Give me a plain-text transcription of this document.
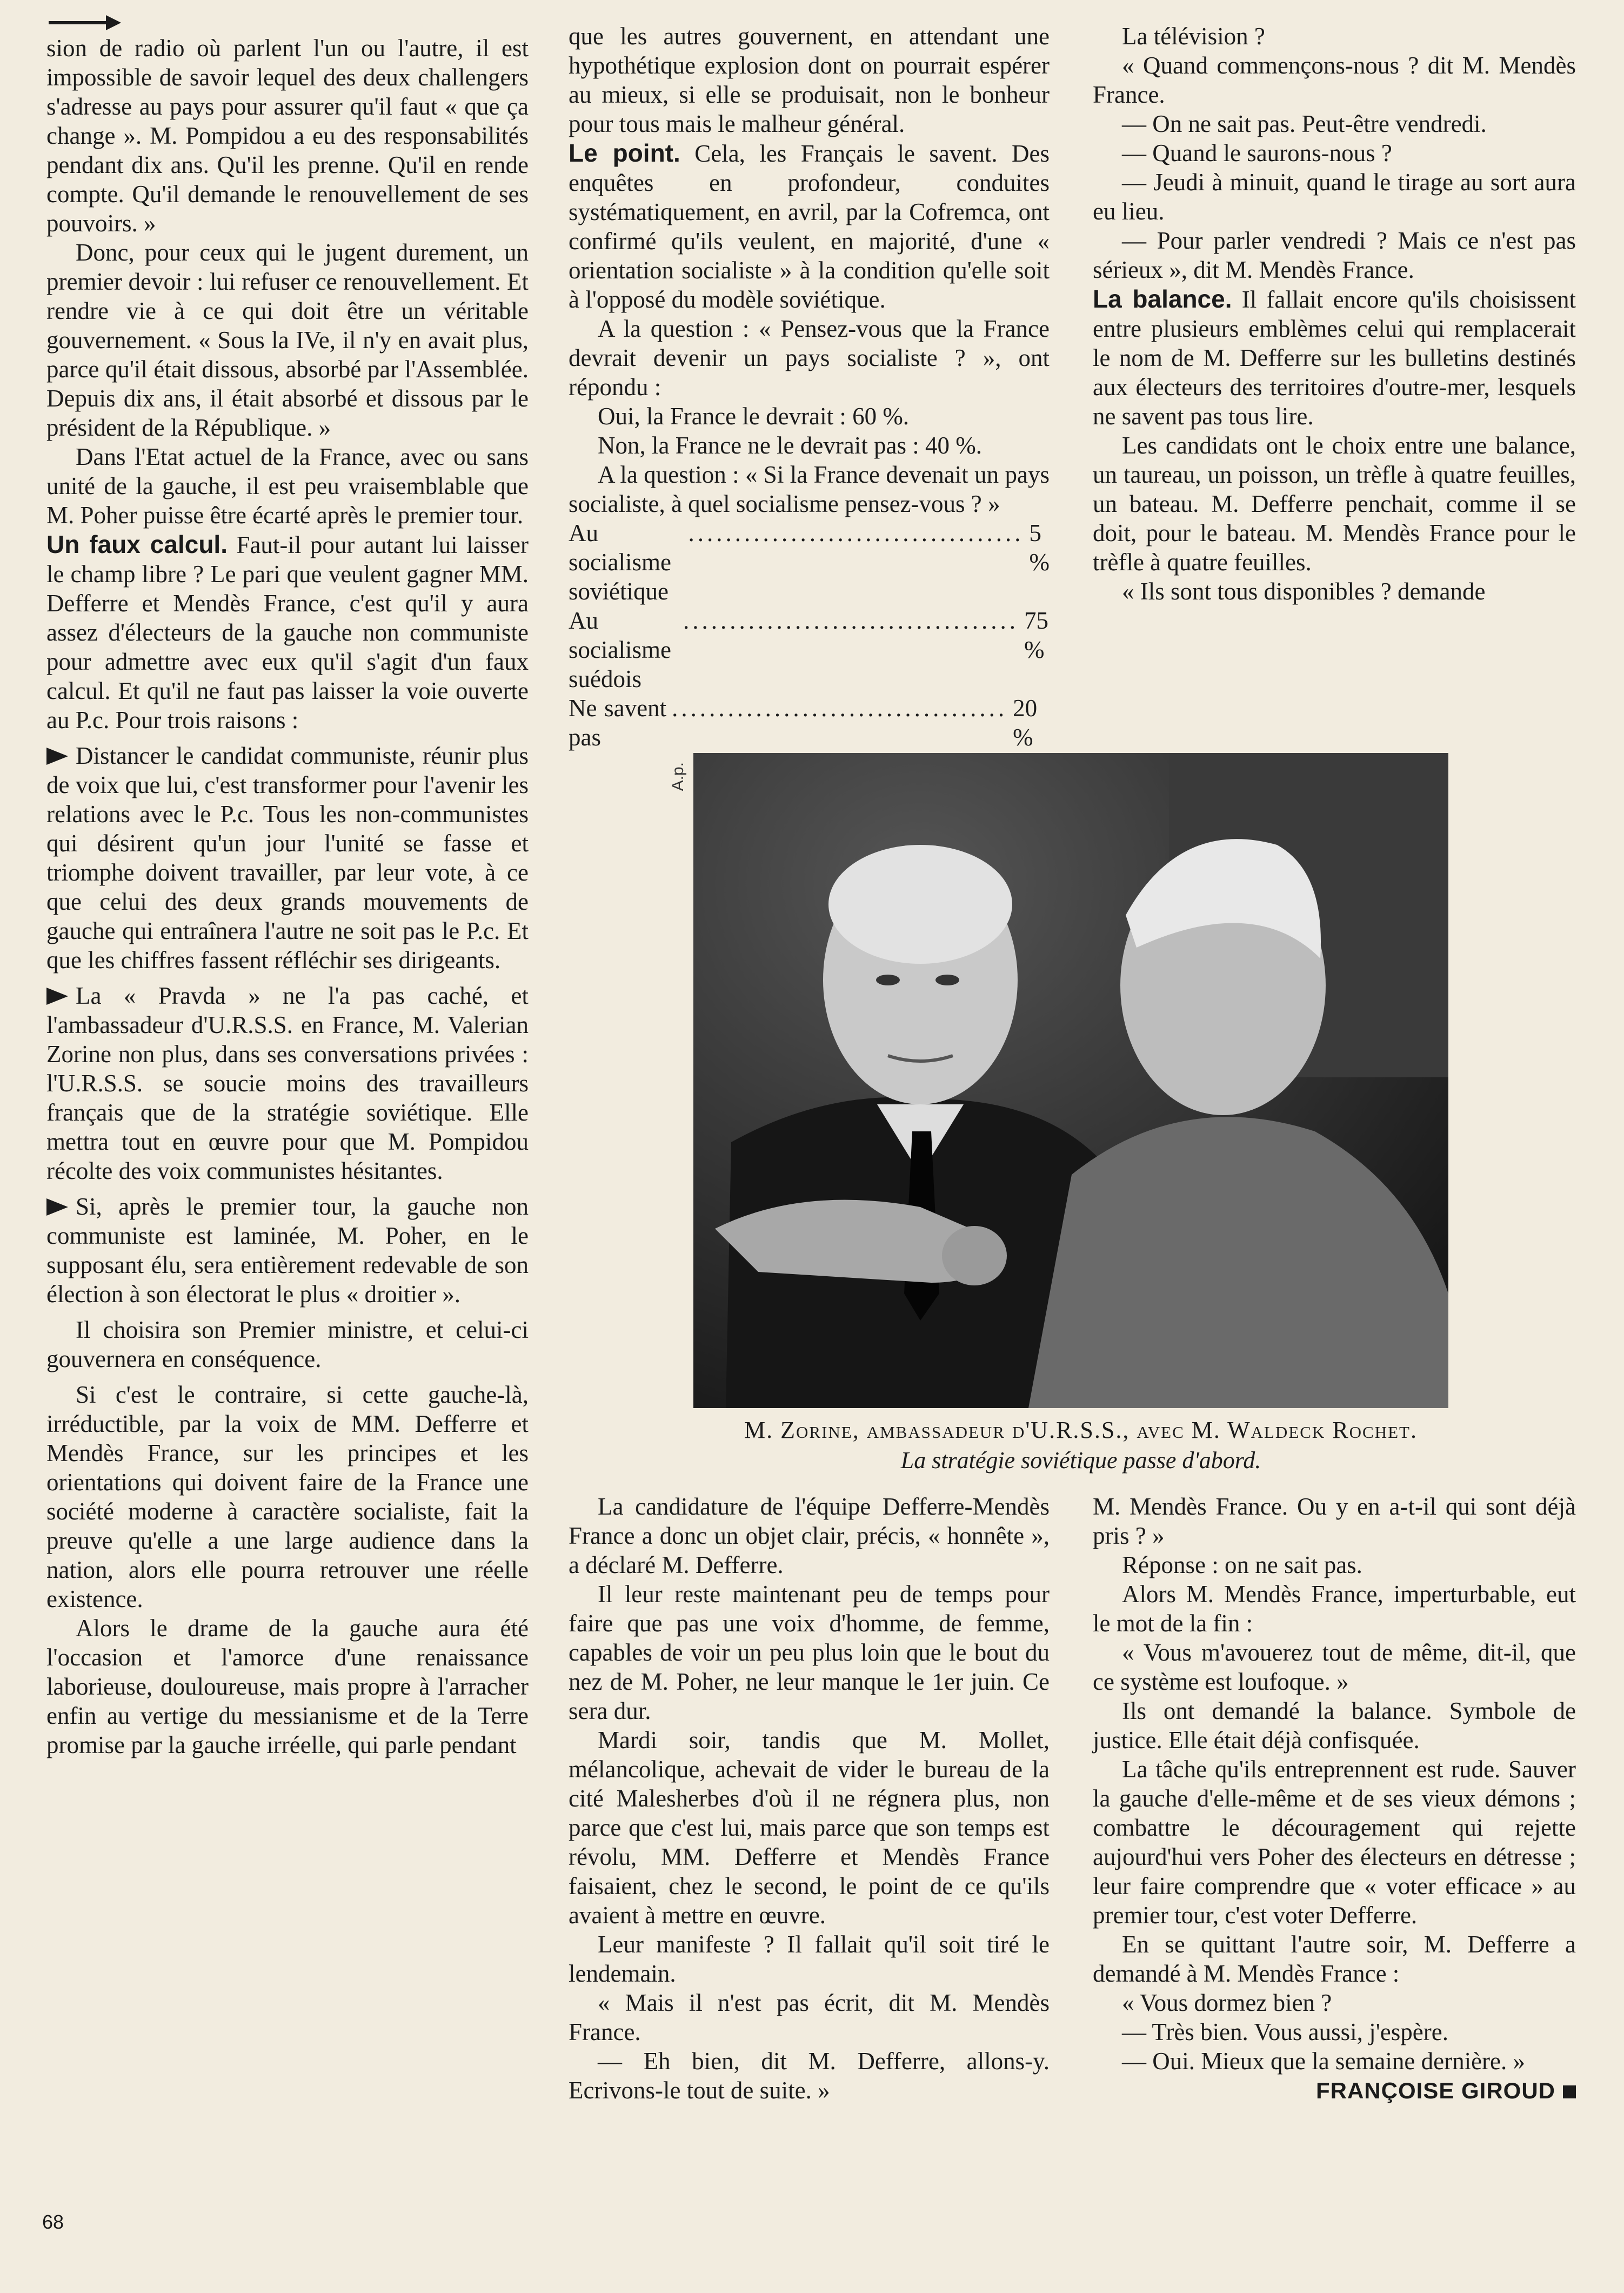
sion de radio où parlent l'un ou l'autre, il est impossible de savoir lequel des deux challengers s'adresse au pays pour assurer qu'il faut « que ça change ». M. Pompidou a eu des responsabilités pendant dix ans. Qu'il les prenne. Qu'il en rende compte. Qu'il demande le renouvellement de ses pouvoirs. »

Donc, pour ceux qui le jugent durement, un premier devoir : lui refuser ce renouvellement. Et rendre vie à ce qui doit être un véritable gouvernement. « Sous la IVe, il n'y en avait plus, parce qu'il était dissous, absorbé par l'Assemblée. Depuis dix ans, il était absorbé et dissous par le président de la République. »

Dans l'Etat actuel de la France, avec ou sans unité de la gauche, il est peu vraisemblable que M. Poher puisse être écarté après le premier tour.

Un faux calcul. Faut-il pour autant lui laisser le champ libre ? Le pari que veulent gagner MM. Defferre et Mendès France, c'est qu'il y aura assez d'électeurs de la gauche non communiste pour admettre avec eux qu'il s'agit d'un faux calcul. Et qu'il ne faut pas laisser la voie ouverte au P.c. Pour trois raisons :

Distancer le candidat communiste, réunir plus de voix que lui, c'est transformer pour l'avenir les relations avec le P.c. Tous les non-communistes qui désirent qu'un jour l'unité se fasse et triomphe doivent travailler, par leur vote, à ce que celui des deux grands mouvements de gauche qui entraînera l'autre ne soit pas le P.c. Et que les chiffres fassent réfléchir ses dirigeants.

La « Pravda » ne l'a pas caché, et l'ambassadeur d'U.R.S.S. en France, M. Valerian Zorine non plus, dans ses conversations privées : l'U.R.S.S. se soucie moins des travailleurs français que de la stratégie soviétique. Elle mettra tout en œuvre pour que M. Pompidou récolte des voix communistes hésitantes.

Si, après le premier tour, la gauche non communiste est laminée, M. Poher, en le supposant élu, sera entièrement redevable de son élection à son électorat le plus « droitier ».

Il choisira son Premier ministre, et celui-ci gouvernera en conséquence.

Si c'est le contraire, si cette gauche-là, irréductible, par la voix de MM. Defferre et Mendès France, sur les principes et les orientations qui doivent faire de la France une société moderne à caractère socialiste, fait la preuve qu'elle a une large audience dans la nation, alors elle pourra retrouver une réelle existence.

Alors le drame de la gauche aura été l'occasion et l'amorce d'une renaissance laborieuse, douloureuse, mais propre à l'arracher enfin au vertige du messianisme et de la Terre promise par la gauche irréelle, qui parle pendant

que les autres gouvernent, en attendant une hypothétique explosion dont on pourrait espérer au mieux, si elle se produisait, non le bonheur pour tous mais le malheur général.

Le point. Cela, les Français le savent. Des enquêtes en profondeur, conduites systématiquement, en avril, par la Cofremca, ont confirmé qu'ils veulent, en majorité, d'une « orientation socialiste » à la condition qu'elle soit à l'opposé du modèle soviétique.

A la question : « Pensez-vous que la France devrait devenir un pays socialiste ? », ont répondu :

Oui, la France le devrait : 60 %.

Non, la France ne le devrait pas : 40 %.

A la question : « Si la France devenait un pays socialiste, à quel socialisme pensez-vous ? »

Au socialisme soviétique
.................................... 5 %
Au socialisme suédois
.................................... 75 %
Ne savent pas
.................................... 20 %

La télévision ?

« Quand commençons-nous ? dit M. Mendès France.

— On ne sait pas. Peut-être vendredi.

— Quand le saurons-nous ?

— Jeudi à minuit, quand le tirage au sort aura eu lieu.

— Pour parler vendredi ? Mais ce n'est pas sérieux », dit M. Mendès France.

La balance. Il fallait encore qu'ils choisissent entre plusieurs emblèmes celui qui remplacerait le nom de M. Defferre sur les bulletins destinés aux électeurs des territoires d'outre-mer, lesquels ne savent pas tous lire.

Les candidats ont le choix entre une balance, un taureau, un poisson, un trèfle à quatre feuilles, un bateau. M. Defferre penchait, comme il se doit, pour le bateau. M. Mendès France pour le trèfle à quatre feuilles.

« Ils sont tous disponibles ? demande

A.p.
M. Zorine, ambassadeur d'U.R.S.S., avec M. Waldeck Rochet.
La stratégie soviétique passe d'abord.

La candidature de l'équipe Defferre-Mendès France a donc un objet clair, précis, « honnête », a déclaré M. Defferre.

Il leur reste maintenant peu de temps pour faire que pas une voix d'homme, de femme, capables de voir un peu plus loin que le bout du nez de M. Poher, ne leur manque le 1er juin. Ce sera dur.

Mardi soir, tandis que M. Mollet, mélancolique, achevait de vider le bureau de la cité Malesherbes d'où il ne régnera plus, non parce que c'est lui, mais parce que son temps est révolu, MM. Defferre et Mendès France faisaient, chez le second, le point de ce qu'ils avaient à mettre en œuvre.

Leur manifeste ? Il fallait qu'il soit tiré le lendemain.

« Mais il n'est pas écrit, dit M. Mendès France.

— Eh bien, dit M. Defferre, allons-y. Ecrivons-le tout de suite. »

M. Mendès France. Ou y en a-t-il qui sont déjà pris ? »

Réponse : on ne sait pas.

Alors M. Mendès France, imperturbable, eut le mot de la fin :

« Vous m'avouerez tout de même, dit-il, que ce système est loufoque. »

Ils ont demandé la balance. Symbole de justice. Elle était déjà confisquée.

La tâche qu'ils entreprennent est rude. Sauver la gauche d'elle-même et de ses vieux démons ; combattre le découragement qui rejette aujourd'hui vers Poher des électeurs en détresse ; leur faire comprendre que « voter efficace » au premier tour, c'est voter Defferre.

En se quittant l'autre soir, M. Defferre a demandé à M. Mendès France :

« Vous dormez bien ?

— Très bien. Vous aussi, j'espère.

— Oui. Mieux que la semaine dernière. »

FRANÇOISE GIROUD

68
